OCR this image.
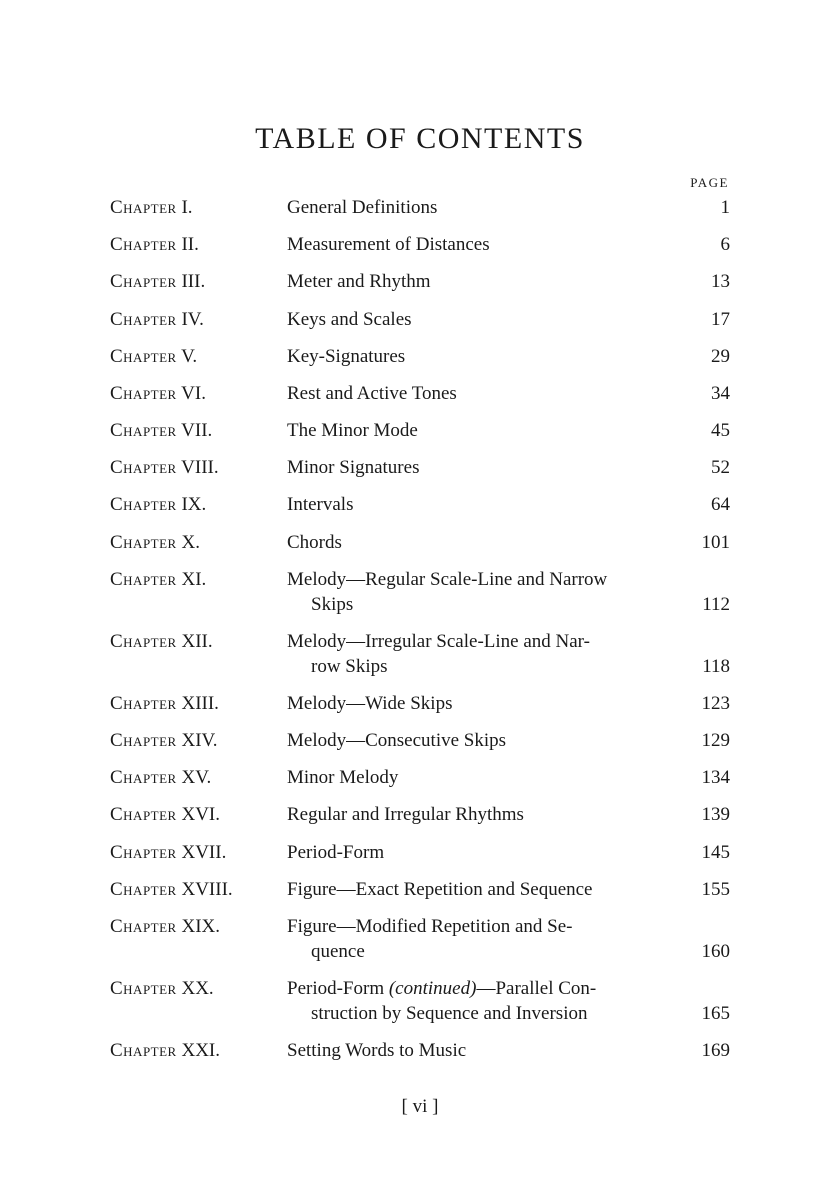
TABLE OF CONTENTS
PAGE
Chapter I.	General Definitions	1
Chapter II.	Measurement of Distances	6
Chapter III.	Meter and Rhythm	13
Chapter IV.	Keys and Scales	17
Chapter V.	Key-Signatures	29
Chapter VI.	Rest and Active Tones	34
Chapter VII.	The Minor Mode	45
Chapter VIII.	Minor Signatures	52
Chapter IX.	Intervals	64
Chapter X.	Chords	101
Chapter XI.	Melody—Regular Scale-Line and Narrow
Skips	112
Chapter XII.	Melody—Irregular Scale-Line and Nar-
row Skips	118
Chapter XIII.	Melody—Wide Skips	123
Chapter XIV.	Melody—Consecutive Skips	129
Chapter XV.	Minor Melody	134
Chapter XVI.	Regular and Irregular Rhythms	139
Chapter XVII.	Period-Form	145
Chapter XVIII.	Figure—Exact Repetition and Sequence	155
Chapter XIX.	Figure—Modified Repetition and Se-
quence	160
Chapter XX.	Period-Form (continued)—Parallel Con-
struction by Sequence and Inversion	165
Chapter XXI.	Setting Words to Music	169
[ vi ]
